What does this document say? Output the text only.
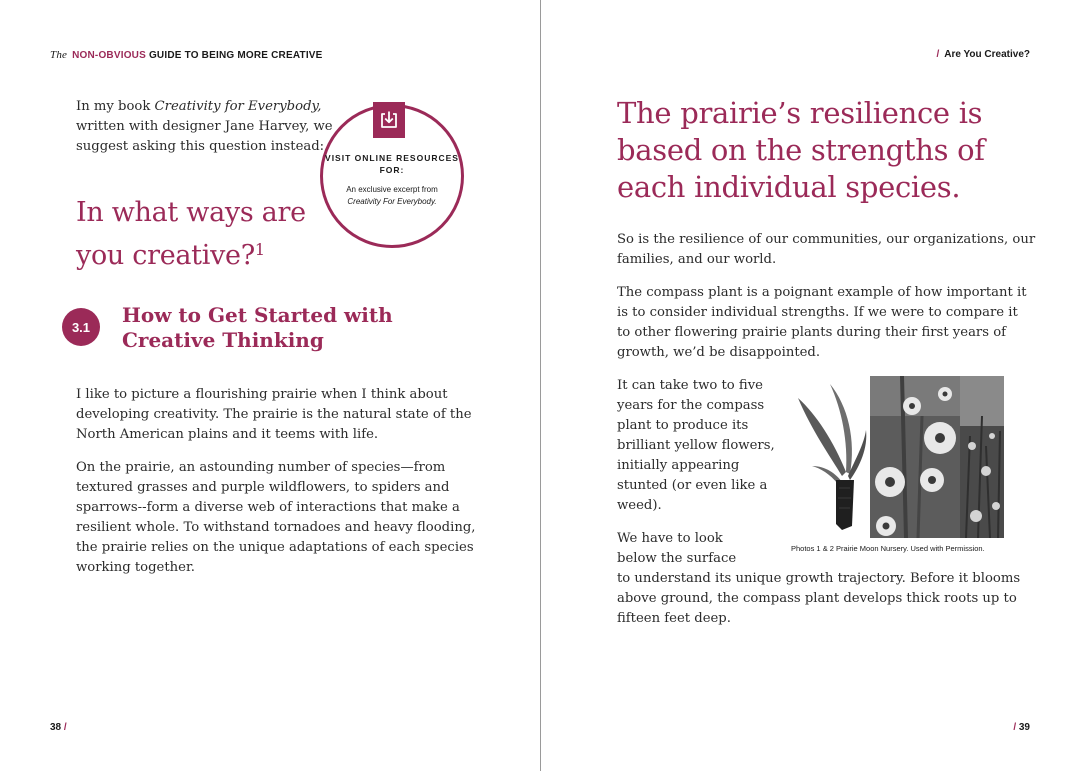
The NON-OBVIOUS GUIDE TO BEING MORE CREATIVE

In my book Creativity for Everybody, written with designer Jane Harvey, we suggest asking this question instead:

In what ways are you creative?$^1$
VISIT ONLINE RESOURCES FOR:
An exclusive excerpt from
Creativity For Everybody.
3.1	How to Get Started with Creative Thinking

I like to picture a flourishing prairie when I think about developing creativity. The prairie is the natural state of the North American plains and it teems with life.

On the prairie, an astounding number of species—from textured grasses and purple wildflowers, to spiders and sparrows--form a diverse web of interactions that make a resilient whole. To withstand tornadoes and heavy flooding, the prairie relies on the unique adaptations of each species working together.

38 /
/ Are You Creative?
The prairie’s resilience is based on the strengths of each individual species.

So is the resilience of our communities, our organizations, our families, and our world.

The compass plant is a poignant example of how important it is to consider individual strengths. If we were to compare it to other flowering prairie plants during their first years of growth, we’d be disappointed.

It can take two to five years for the compass plant to produce its brilliant yellow flowers, initially appearing stunted (or even like a weed).

We have to look below the surface

to understand its unique growth trajectory. Before it blooms above ground, the compass plant develops thick roots up to fifteen feet deep.

Photos 1 & 2 Prairie Moon Nursery. Used with Permission.
/ 39
